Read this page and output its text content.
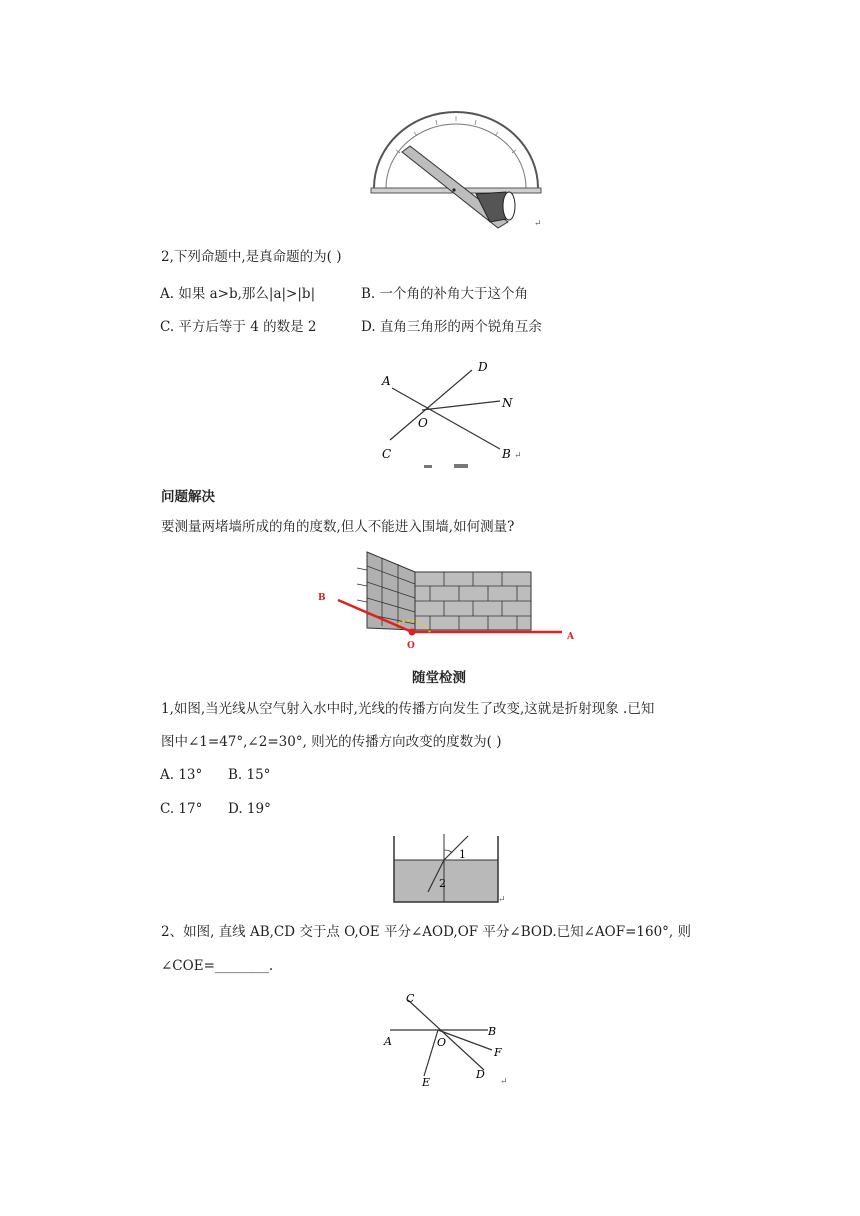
↵
2,下列命题中,是真命题的为( )
A. 如果 a>b,那么|a|>|b|	B. 一个角的补角大于这个角
C. 平方后等于 4 的数是 2	D. 直角三角形的两个锐角互余
A
D
N
O
C	B ↵
问题解决
要测量两堵墙所成的角的度数,但人不能进入围墙,如何测量?
B
O
A
随堂检测
1,如图,当光线从空气射入水中时,光线的传播方向发生了改变,这就是折射现象 .已知
图中∠1=47°,∠2=30°, 则光的传播方向改变的度数为( )
A. 13° B. 15°
C. 17° D. 19°
1
2
↵
2、如图, 直线 AB,CD 交于点 O,OE 平分∠AOD,OF 平分∠BOD.已知∠AOF=160°, 则
∠COE=________.
C
B
A	O
F
E
D
↵
